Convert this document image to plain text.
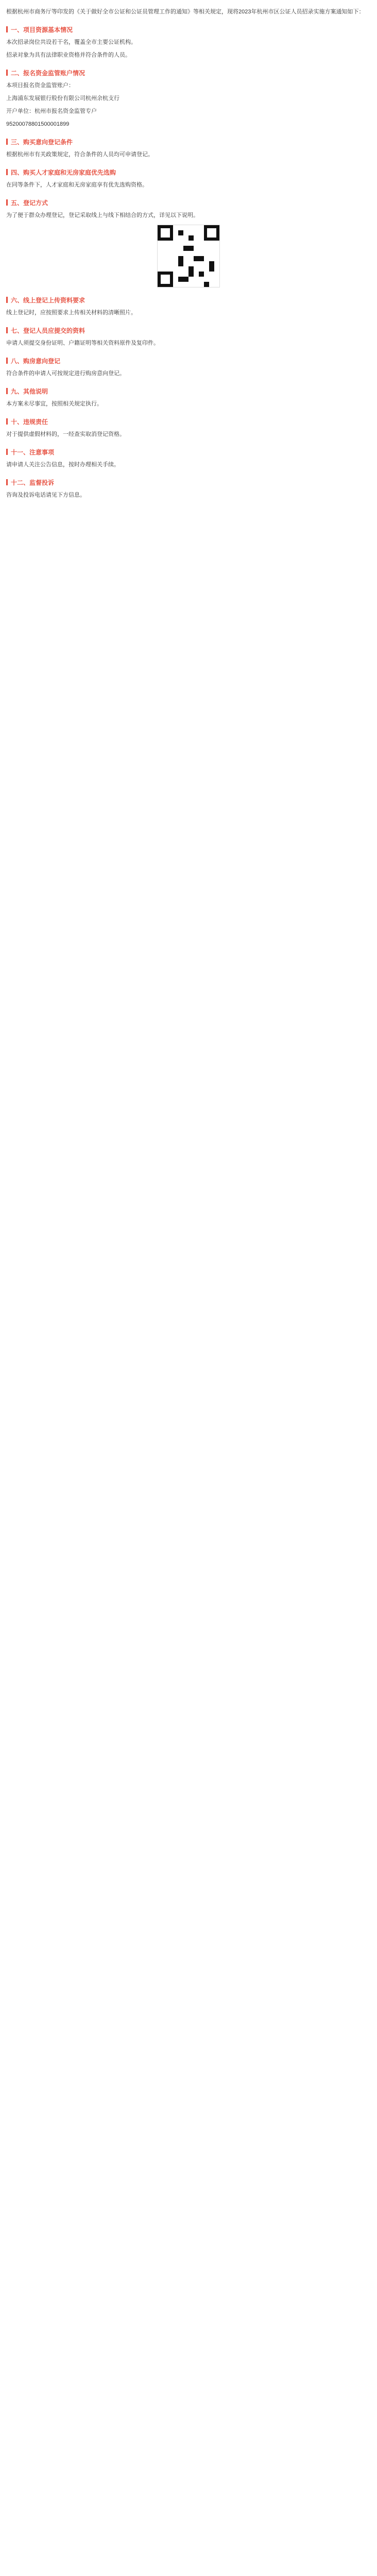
根据杭州市商务厅等印发的《关于做好全市公证和公证员管理工作的通知》等相关规定，现将2023年杭州市区公证人员招录实施方案通知如下：
一、项目资源基本情况

本次招录岗位共设若干名，覆盖全市主要公证机构。

招录对象为具有法律职业资格并符合条件的人员。

二、报名资金监管账户情况

本项目报名资金监管账户：

上海浦东发展银行股份有限公司杭州余杭支行

开户单位：杭州市报名资金监管专户

95200078801500001899

三、购买意向登记条件

根据杭州市有关政策规定，符合条件的人员均可申请登记。

四、购买人才家庭和无房家庭优先选购

在同等条件下，人才家庭和无房家庭享有优先选购资格。

五、登记方式

为了便于群众办理登记，登记采取线上与线下相结合的方式，详见以下说明。

六、线上登记上传资料要求

线上登记时，应按照要求上传相关材料的清晰照片。

七、登记人员应提交的资料

申请人须提交身份证明、户籍证明等相关资料原件及复印件。

八、购房意向登记

符合条件的申请人可按规定进行购房意向登记。

九、其他说明

本方案未尽事宜，按照相关规定执行。

十、违规责任

对于提供虚假材料的，一经查实取消登记资格。

十一、注意事项

请申请人关注公告信息，按时办理相关手续。

十二、监督投诉

咨询及投诉电话请见下方信息。
